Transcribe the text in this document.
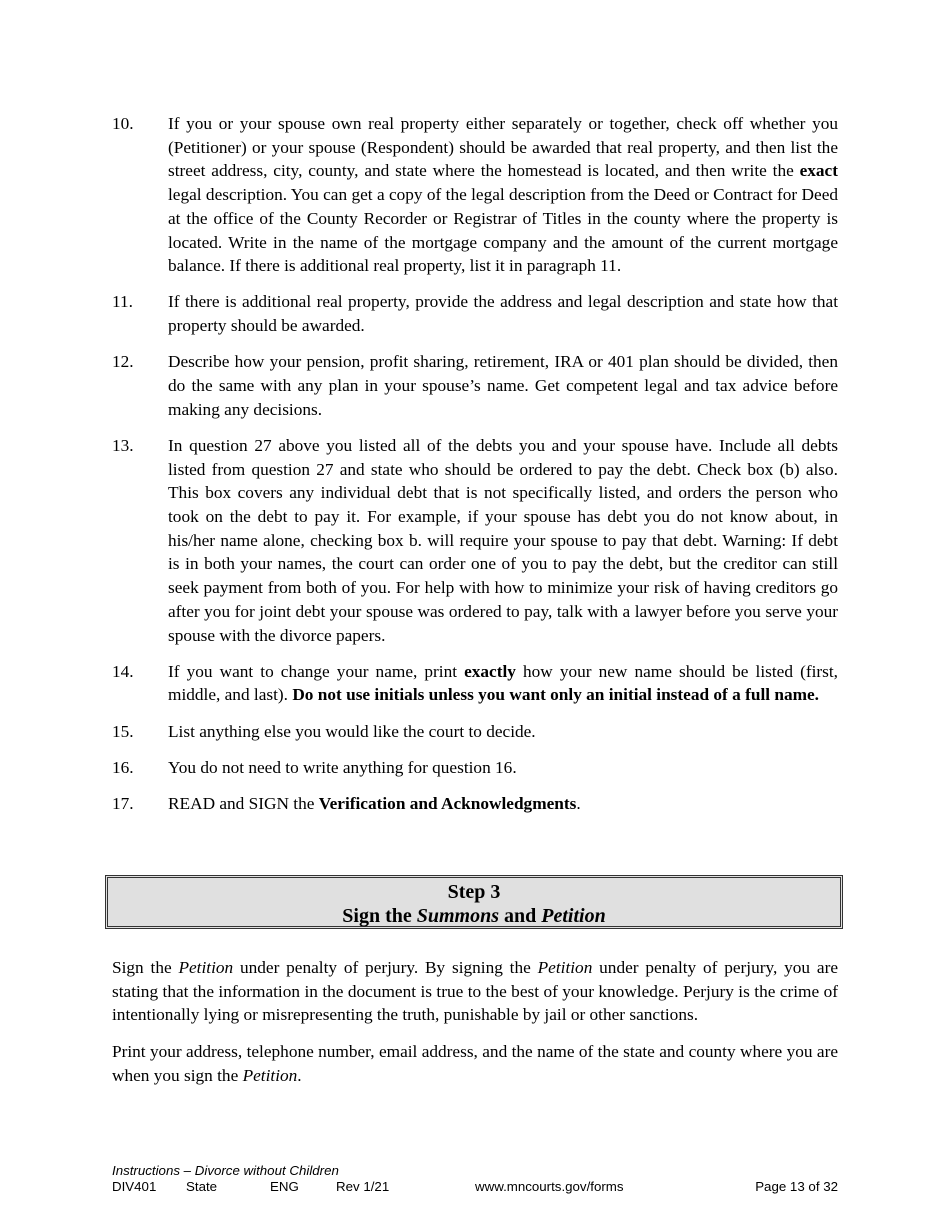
10.	If you or your spouse own real property either separately or together, check off whether you (Petitioner) or your spouse (Respondent) should be awarded that real property, and then list the street address, city, county, and state where the homestead is located, and then write the exact legal description. You can get a copy of the legal description from the Deed or Contract for Deed at the office of the County Recorder or Registrar of Titles in the county where the property is located. Write in the name of the mortgage company and the amount of the current mortgage balance. If there is additional real property, list it in paragraph 11.
11.	If there is additional real property, provide the address and legal description and state how that property should be awarded.
12.	Describe how your pension, profit sharing, retirement, IRA or 401 plan should be divided, then do the same with any plan in your spouse’s name. Get competent legal and tax advice before making any decisions.
13.	In question 27 above you listed all of the debts you and your spouse have. Include all debts listed from question 27 and state who should be ordered to pay the debt. Check box (b) also. This box covers any individual debt that is not specifically listed, and orders the person who took on the debt to pay it. For example, if your spouse has debt you do not know about, in his/her name alone, checking box b. will require your spouse to pay that debt. Warning: If debt is in both your names, the court can order one of you to pay the debt, but the creditor can still seek payment from both of you. For help with how to minimize your risk of having creditors go after you for joint debt your spouse was ordered to pay, talk with a lawyer before you serve your spouse with the divorce papers.
14.	If you want to change your name, print exactly how your new name should be listed (first, middle, and last). Do not use initials unless you want only an initial instead of a full name.
15.	List anything else you would like the court to decide.
16.	You do not need to write anything for question 16.
17.	READ and SIGN the Verification and Acknowledgments.
Step 3
Sign the Summons and Petition
Sign the Petition under penalty of perjury. By signing the Petition under penalty of perjury, you are stating that the information in the document is true to the best of your knowledge. Perjury is the crime of intentionally lying or misrepresenting the truth, punishable by jail or other sanctions.
Print your address, telephone number, email address, and the name of the state and county where you are when you sign the Petition.
Instructions – Divorce without Children
DIV401 State	ENG	Rev 1/21	www.mncourts.gov/forms	Page 13 of 32
